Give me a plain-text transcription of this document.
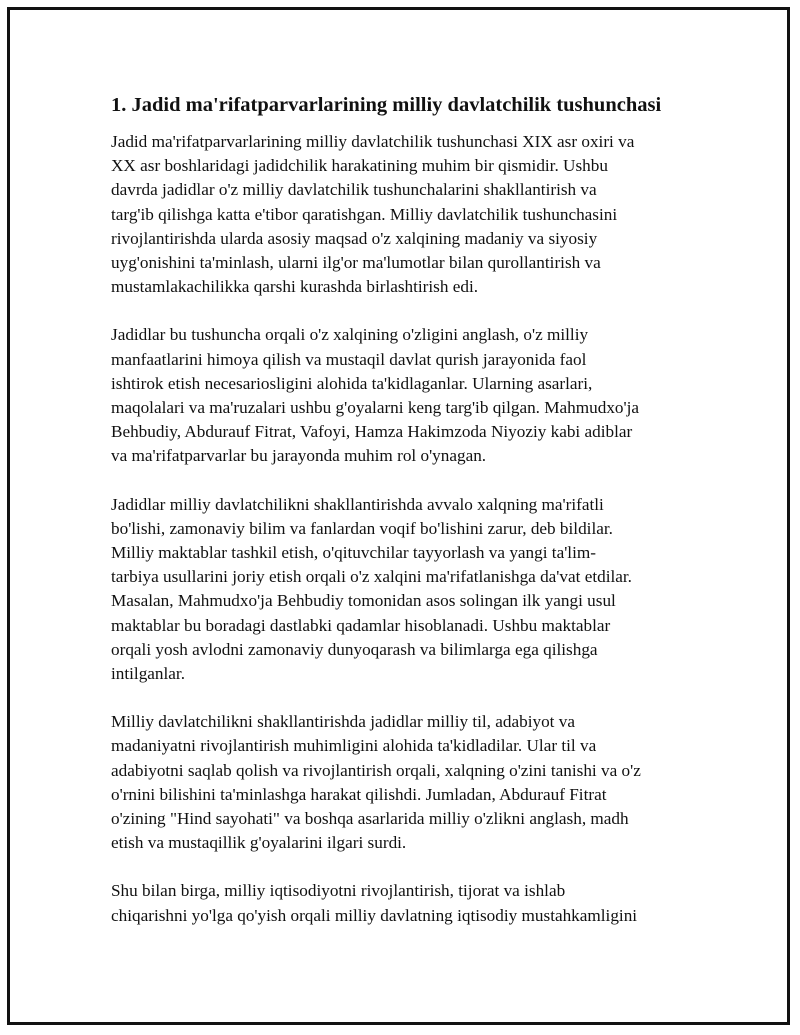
1. Jadid ma'rifatparvarlarining milliy davlatchilik tushunchasi
Jadid ma'rifatparvarlarining milliy davlatchilik tushunchasi XIX asr oxiri va
XX asr boshlaridagi jadidchilik harakatining muhim bir qismidir. Ushbu
davrda jadidlar o'z milliy davlatchilik tushunchalarini shakllantirish va
targ'ib qilishga katta e'tibor qaratishgan. Milliy davlatchilik tushunchasini
rivojlantirishda ularda asosiy maqsad o'z xalqining madaniy va siyosiy
uyg'onishini ta'minlash, ularni ilg'or ma'lumotlar bilan qurollantirish va
mustamlakachilikka qarshi kurashda birlashtirish edi.
Jadidlar bu tushuncha orqali o'z xalqining o'zligini anglash, o'z milliy
manfaatlarini himoya qilish va mustaqil davlat qurish jarayonida faol
ishtirok etish necesariosligini alohida ta'kidlaganlar. Ularning asarlari,
maqolalari va ma'ruzalari ushbu g'oyalarni keng targ'ib qilgan. Mahmudxo'ja
Behbudiy, Abdurauf Fitrat, Vafoyi, Hamza Hakimzoda Niyoziy kabi adiblar
va ma'rifatparvarlar bu jarayonda muhim rol o'ynagan.
Jadidlar milliy davlatchilikni shakllantirishda avvalo xalqning ma'rifatli
bo'lishi, zamonaviy bilim va fanlardan voqif bo'lishini zarur, deb bildilar.
Milliy maktablar tashkil etish, o'qituvchilar tayyorlash va yangi ta'lim-
tarbiya usullarini joriy etish orqali o'z xalqini ma'rifatlanishga da'vat etdilar.
Masalan, Mahmudxo'ja Behbudiy tomonidan asos solingan ilk yangi usul
maktablar bu boradagi dastlabki qadamlar hisoblanadi. Ushbu maktablar
orqali yosh avlodni zamonaviy dunyoqarash va bilimlarga ega qilishga
intilganlar.
Milliy davlatchilikni shakllantirishda jadidlar milliy til, adabiyot va
madaniyatni rivojlantirish muhimligini alohida ta'kidladilar. Ular til va
adabiyotni saqlab qolish va rivojlantirish orqali, xalqning o'zini tanishi va o'z
o'rnini bilishini ta'minlashga harakat qilishdi. Jumladan, Abdurauf Fitrat
o'zining "Hind sayohati" va boshqa asarlarida milliy o'zlikni anglash, madh
etish va mustaqillik g'oyalarini ilgari surdi.
Shu bilan birga, milliy iqtisodiyotni rivojlantirish, tijorat va ishlab
chiqarishni yo'lga qo'yish orqali milliy davlatning iqtisodiy mustahkamligini
